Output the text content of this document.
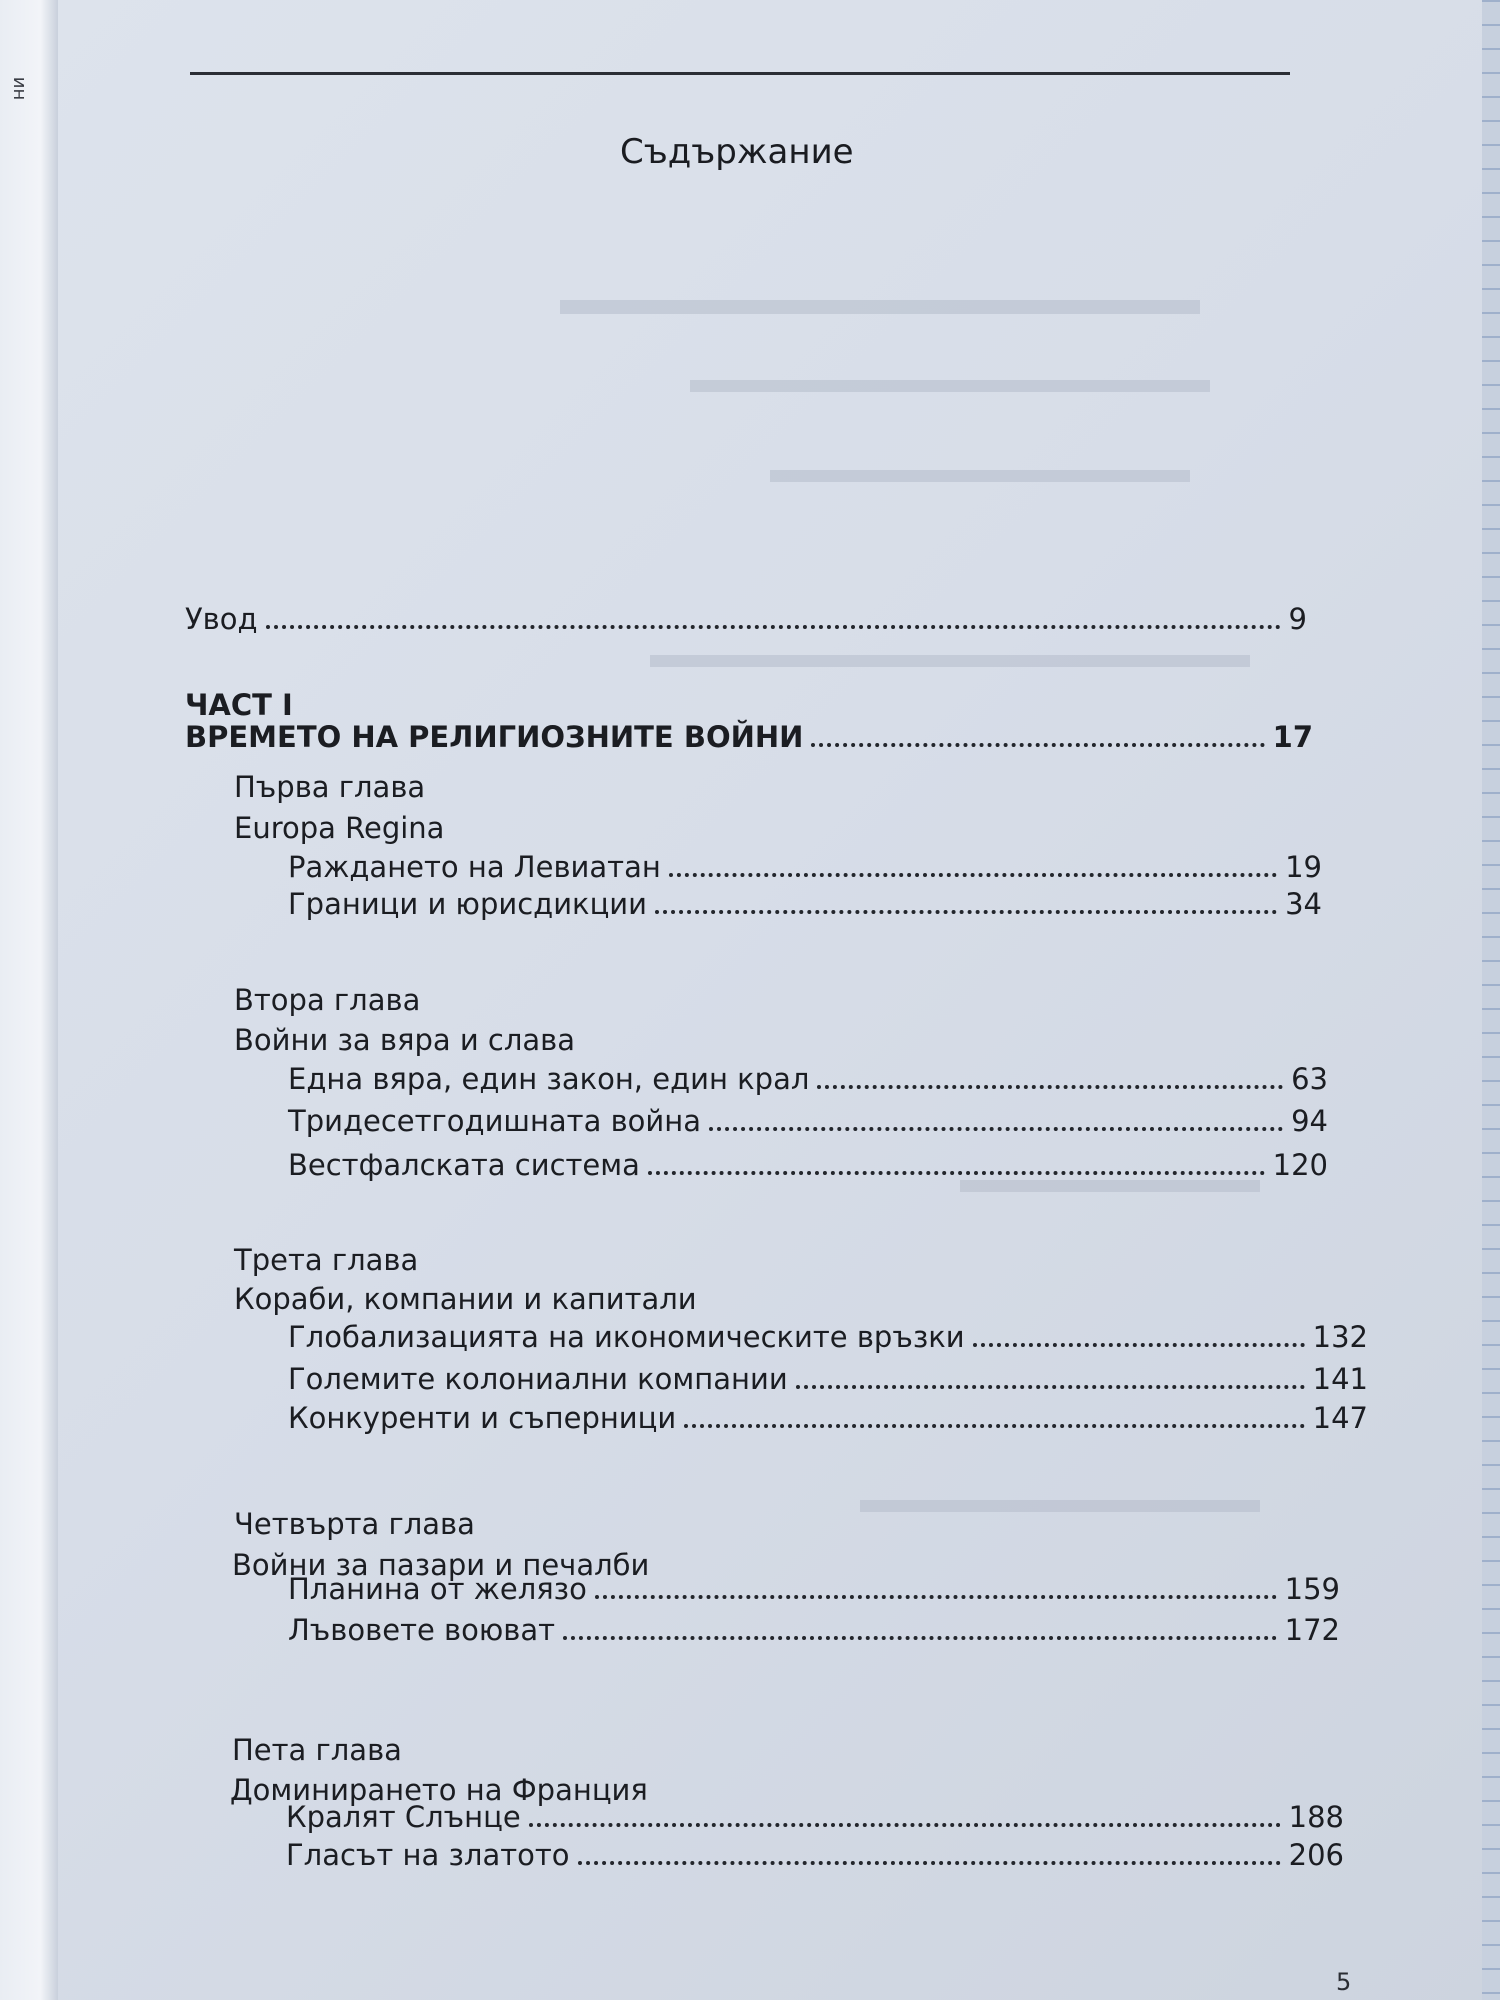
ин
Съдържание
Увод	9
ЧАСТ I
ВРЕМЕТО НА РЕЛИГИОЗНИТЕ ВОЙНИ	17
Първа глава
Europa Regina
Раждането на Левиатан	19
Граници и юрисдикции	34
Втора глава
Войни за вяра и слава
Една вяра, един закон, един крал	63
Тридесетгодишната война	94
Вестфалската система	120
Трета глава
Кораби, компании и капитали
Глобализацията на икономическите връзки	132
Големите колониални компании	141
Конкуренти и съперници	147
Четвърта глава
Войни за пазари и печалби
Планина от желязо	159
Лъвовете воюват	172
Пета глава
Доминирането на Франция
Кралят Слънце	188
Гласът на златото	206
5
